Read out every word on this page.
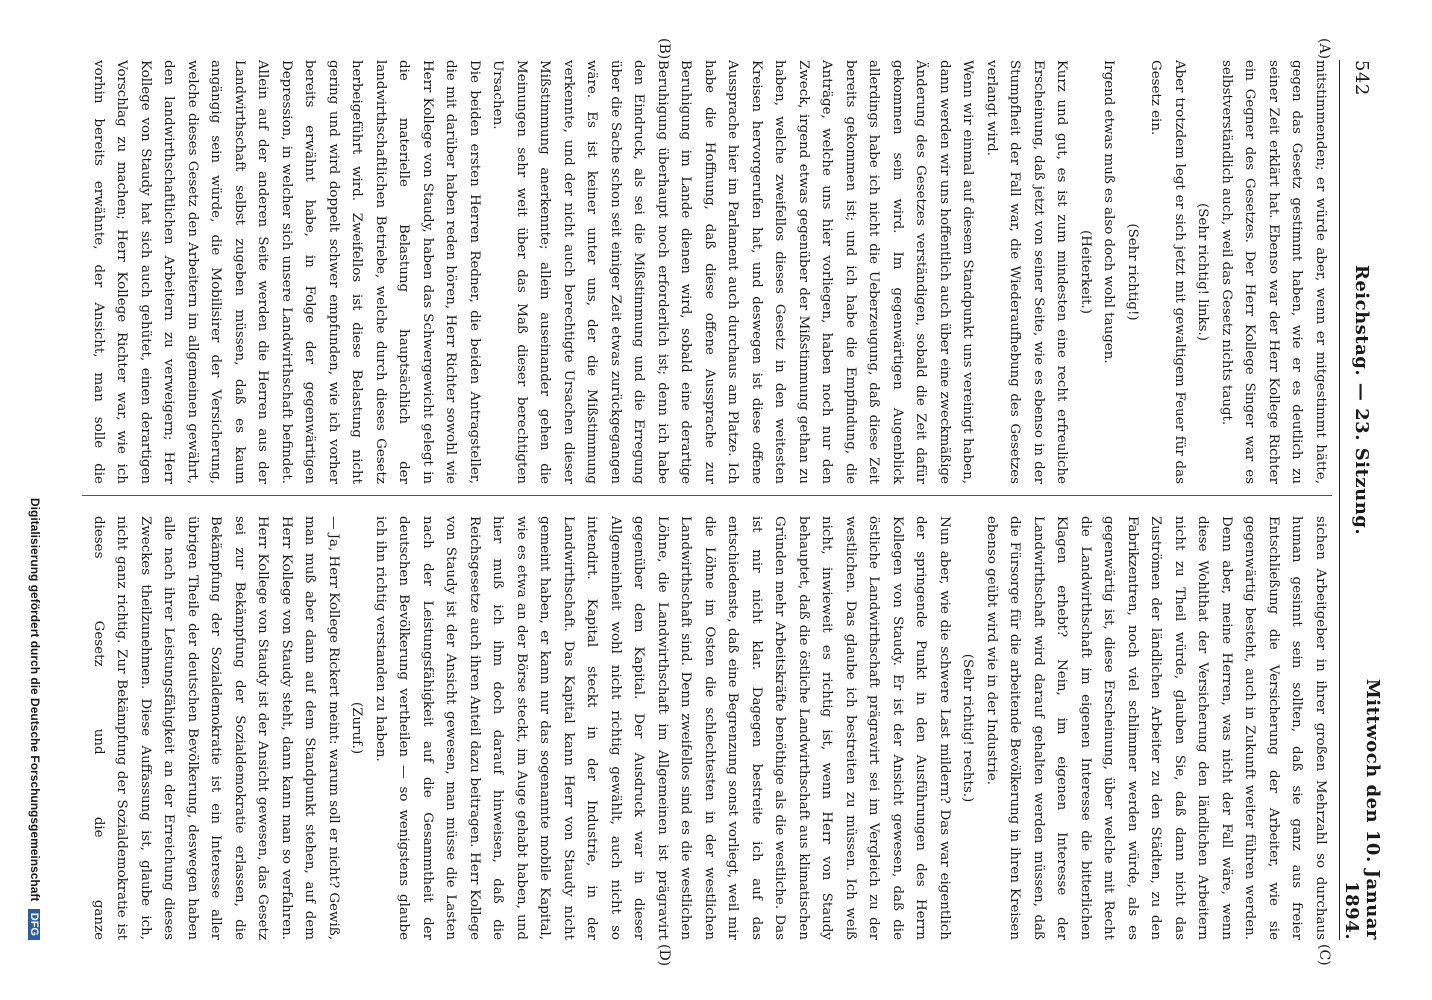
542
Reichstag. — 23. Sitzung.
Mittwoch den 10. Januar 1894.
(A)
(B)
(C)
(D)

mitstimmenden; er würde aber, wenn er mitgestimmt hätte, gegen das Gesetz gestimmt haben, wie er es deutlich zu seiner Zeit erklärt hat. Ebenso war der Herr Kollege Richter ein Gegner des Gesetzes. Der Herr Kollege Singer war es selbstverständlich auch, weil das Gesetz nichts taugt.

(Sehr richtig! links.)

Aber trotzdem legt er sich jetzt mit gewaltigem Feuer für das Gesetz ein.

(Sehr richtig!)

Irgend etwas muß es also doch wohl taugen.

(Heiterkeit.)

Kurz und gut, es ist zum mindesten eine recht erfreuliche Erscheinung, daß jetzt von seiner Seite, wie es ebenso in der Stumpfheit der Fall war, die Wiederaufhebung des Gesetzes verlangt wird.

Wenn wir einmal auf diesem Standpunkt uns vereinigt haben, dann werden wir uns hoffentlich auch über eine zweckmäßige Änderung des Gesetzes verständigen, sobald die Zeit dafür gekommen sein wird. Im gegenwärtigen Augenblick allerdings habe ich nicht die Ueberzeugung, daß diese Zeit bereits gekommen ist; und ich habe die Empfindung, die Anträge, welche uns hier vorliegen, haben noch nur den Zweck, irgend etwas gegenüber der Mißstimmung gethan zu haben, welche zweifellos dieses Gesetz in den weitesten Kreisen hervorgerufen hat, und deswegen ist diese offene Aussprache hier im Parlament auch durchaus am Platze. Ich habe die Hoffnung, daß diese offene Aussprache zur Beruhigung im Lande dienen wird, sobald eine derartige Beruhigung überhaupt noch erforderlich ist; denn ich habe den Eindruck, als sei die Mißstimmung und die Erregung über die Sache schon seit einiger Zeit etwas zurückgegangen wäre. Es ist keiner unter uns, der die Mißstimmung verkennte, und der nicht auch berechtigte Ursachen dieser Mißstimmung anerkennte; allein auseinander gehen die Meinungen sehr weit über das Maß dieser berechtigten Ursachen.

Die beiden ersten Herren Redner, die beiden Antragsteller, die mit darüber haben reden hören, Herr Richter sowohl wie Herr Kollege von Staudy, haben das Schwergewicht gelegt in die materielle Belastung hauptsächlich der landwirthschaftlichen Betriebe, welche durch dieses Gesetz herbeigeführt wird. Zweifellos ist diese Belastung nicht gering und wird doppelt schwer empfunden, wie ich vorher bereits erwähnt habe, in Folge der gegenwärtigen Depression, in welcher sich unsere Landwirthschaft befindet. Allein auf der anderen Seite werden die Herren aus der Landwirthschaft selbst zugeben müssen, daß es kaum angängig sein würde, die Mobilisirer der Versicherung, welche dieses Gesetz den Arbeitern im allgemeinen gewährt, den landwirthschaftlichen Arbeitern zu verweigern; Herr Kollege von Staudy hat sich auch gehütet, einen derartigen Vorschlag zu machen; Herr Kollege Richter war, wie ich vorhin bereits erwähnte, der Ansicht, man solle die

sichen Arbeitgeber in ihrer großen Mehrzahl so durchaus human gesinnt sein sollten, daß sie ganz aus freier Entschließung die Versicherung der Arbeiter, wie sie gegenwärtig besteht, auch in Zukunft weiter führen werden. Denn aber, meine Herren, was nicht der Fall wäre, wenn diese Wohlthat der Versicherung den ländlichen Arbeitern nicht zu Theil würde, glauben Sie, daß dann nicht das Zuströmen der ländlichen Arbeiter zu den Städten, zu den Fabrikzentren, noch viel schlimmer werden würde, als es gegenwärtig ist, diese Erscheinung, über welche mit Recht die Landwirthschaft im eigenen Interesse die bitterlichen Klagen erhebt? Nein, im eigenen Interesse der Landwirthschaft wird darauf gehalten werden müssen, daß die Fürsorge für die arbeitende Bevölkerung in ihren Kreisen ebenso geübt wird wie in der Industrie.

(Sehr richtig! rechts.)

Nun aber, wie die schwere Last mildern? Das war eigentlich der springende Punkt in den Ausführungen des Herrn Kollegen von Staudy. Er ist der Ansicht gewesen, daß die östliche Landwirthschaft prägravirt sei im Vergleich zu der westlichen. Das glaube ich bestreiten zu müssen. Ich weiß nicht, inwieweit es richtig ist, wenn Herr von Staudy behauptet, daß die östliche Landwirthschaft aus klimatischen Gründen mehr Arbeitskräfte benöthige als die westliche. Das ist mir nicht klar. Dagegen bestreite ich auf das entschiedenste, daß eine Begrenzung sonst vorliegt, weil mir die Löhne im Osten die schlechtesten in der westlichen Landwirthschaft sind. Denn zweifellos sind es die westlichen Löhne, die Landwirthschaft im Allgemeinen ist prägravirt gegenüber dem Kapital. Der Ausdruck war in dieser Allgemeinheit wohl nicht richtig gewählt, auch nicht so intendirt. Kapital steckt in der Industrie, in der Landwirthschaft. Das Kapital kann Herr von Staudy nicht gemeint haben, er kann nur das sogenannte mobile Kapital, wie es etwa an der Börse steckt, im Auge gehabt haben, und hier muß ich ihm doch darauf hinweisen, daß die Reichsgesetze auch ihren Anteil dazu beitragen. Herr Kollege von Staudy ist der Ansicht gewesen, man müsse die Lasten nach der Leistungsfähigkeit auf die Gesammtheit der deutschen Bevölkerung vertheilen — so wenigstens glaube ich ihn richtig verstanden zu haben.

(Zuruf.)

— Ja, Herr Kollege Rickert meint: warum soll er nicht? Gewiß, man muß aber dann auf dem Standpunkt stehen, auf dem Herr Kollege von Staudy steht, dann kann man so verfahren. Herr Kollege von Staudy ist der Ansicht gewesen, das Gesetz sei zur Bekämpfung der Sozialdemokratie erlassen, die Bekämpfung der Sozialdemokratie ist ein Interesse aller übrigen Theile der deutschen Bevölkerung, deswegen haben alle nach ihrer Leistungsfähigkeit an der Erreichung dieses Zweckes theilzunehmen. Diese Auffassung ist, glaube ich, nicht ganz richtig. Zur Bekämpfung der Sozialdemokratie ist dieses Gesetz und die ganze

Digitalisierung gefördert durch die Deutsche Forschungsgemeinschaft DFG
